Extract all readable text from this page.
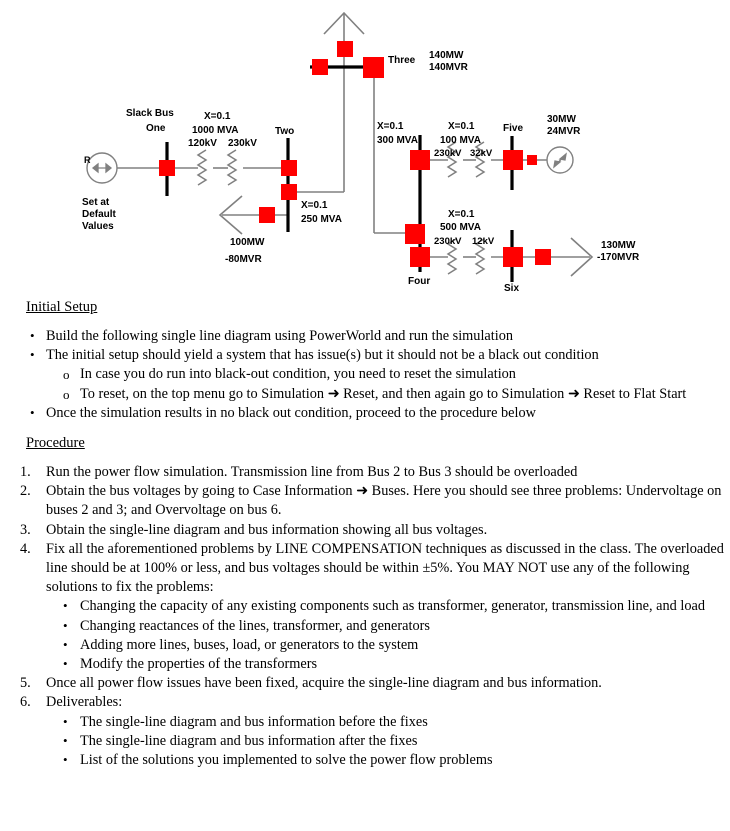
Slack Bus
One
Set at
Default
Values
X=0.1
1000 MVA
120kV 230kV
Two
100MW
-80MVR
X=0.1
250 MVA
Three 140MW
140MVR
X=0.1
300 MVA
X=0.1
100 MVA
230kV 32kV
Five
30MW
24MVR
X=0.1
500 MVA
230kV 12kV
Four
Six
130MW
-170MVR
R
Initial Setup
• Build the following single line diagram using PowerWorld and run the simulation
• The initial setup should yield a system that has issue(s) but it should not be a black out condition
o In case you do run into black-out condition, you need to reset the simulation
o To reset, on the top menu go to Simulation ➜ Reset, and then again go to Simulation ➜ Reset to Flat Start
• Once the simulation results in no black out condition, proceed to the procedure below
Procedure
1.	Run the power flow simulation. Transmission line from Bus 2 to Bus 3 should be overloaded
2.	Obtain the bus voltages by going to Case Information ➜ Buses. Here you should see three problems: Undervoltage on buses 2 and 3; and Overvoltage on bus 6.
3.	Obtain the single-line diagram and bus information showing all bus voltages.
4.	Fix all the aforementioned problems by LINE COMPENSATION techniques as discussed in the class. The overloaded line should be at 100% or less, and bus voltages should be within ±5%. You MAY NOT use any of the following solutions to fix the problems:
• Changing the capacity of any existing components such as transformer, generator, transmission line, and load
• Changing reactances of the lines, transformer, and generators
• Adding more lines, buses, load, or generators to the system
• Modify the properties of the transformers
5.	Once all power flow issues have been fixed, acquire the single-line diagram and bus information.
6.	Deliverables:
• The single-line diagram and bus information before the fixes
• The single-line diagram and bus information after the fixes
• List of the solutions you implemented to solve the power flow problems
